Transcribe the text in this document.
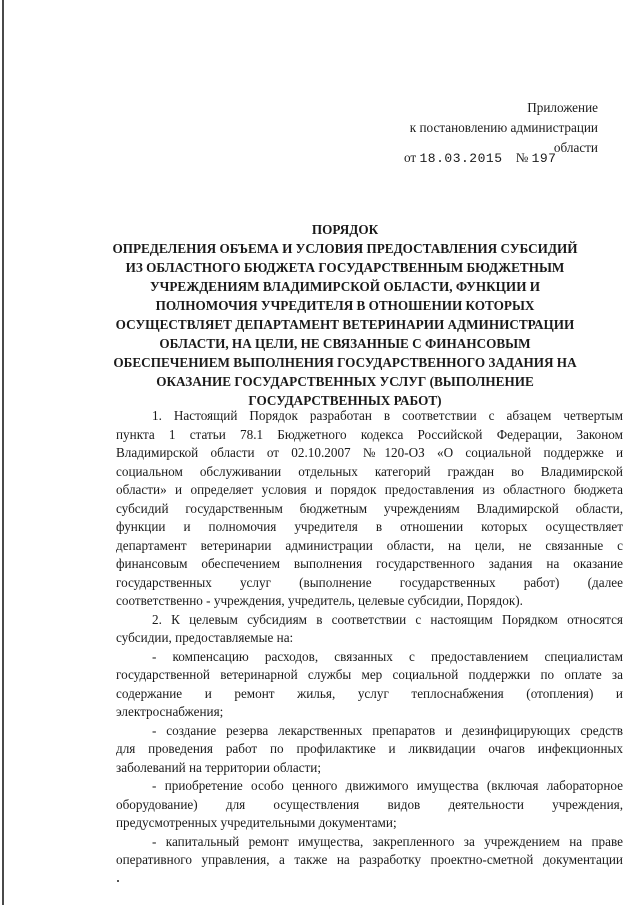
Приложение
к постановлению администрации
области
от 18.03.2015 № 197
ПОРЯДОК
ОПРЕДЕЛЕНИЯ ОБЪЕМА И УСЛОВИЯ ПРЕДОСТАВЛЕНИЯ СУБСИДИЙ
ИЗ ОБЛАСТНОГО БЮДЖЕТА ГОСУДАРСТВЕННЫМ БЮДЖЕТНЫМ
УЧРЕЖДЕНИЯМ ВЛАДИМИРСКОЙ ОБЛАСТИ, ФУНКЦИИ И
ПОЛНОМОЧИЯ УЧРЕДИТЕЛЯ В ОТНОШЕНИИ КОТОРЫХ
ОСУЩЕСТВЛЯЕТ ДЕПАРТАМЕНТ ВЕТЕРИНАРИИ АДМИНИСТРАЦИИ
ОБЛАСТИ, НА ЦЕЛИ, НЕ СВЯЗАННЫЕ С ФИНАНСОВЫМ
ОБЕСПЕЧЕНИЕМ ВЫПОЛНЕНИЯ ГОСУДАРСТВЕННОГО ЗАДАНИЯ НА
ОКАЗАНИЕ ГОСУДАРСТВЕННЫХ УСЛУГ (ВЫПОЛНЕНИЕ
ГОСУДАРСТВЕННЫХ РАБОТ)
1. Настоящий Порядок разработан в соответствии с абзацем четвертым
пункта 1 статьи 78.1 Бюджетного кодекса Российской Федерации, Законом
Владимирской области от 02.10.2007 №120-ОЗ «О социальной поддержке и
социальном обслуживании отдельных категорий граждан во Владимирской
области» и определяет условия и порядок предоставления из областного бюджета
субсидий государственным бюджетным учреждениям Владимирской области,
функции и полномочия учредителя в отношении которых осуществляет
департамент ветеринарии администрации области, на цели, не связанные с
финансовым обеспечением выполнения государственного задания на оказание
государственных услуг (выполнение государственных работ) (далее
соответственно - учреждения, учредитель, целевые субсидии, Порядок).
2. К целевым субсидиям в соответствии с настоящим Порядком относятся
субсидии, предоставляемые на:
- компенсацию расходов, связанных с предоставлением специалистам
государственной ветеринарной службы мер социальной поддержки по оплате за
содержание и ремонт жилья, услуг теплоснабжения (отопления) и
электроснабжения;
- создание резерва лекарственных препаратов и дезинфицирующих средств
для проведения работ по профилактике и ликвидации очагов инфекционных
заболеваний на территории области;
- приобретение особо ценного движимого имущества (включая лабораторное
оборудование) для осуществления видов деятельности учреждения,
предусмотренных учредительными документами;
- капитальный ремонт имущества, закрепленного за учреждением на праве
оперативного управления, а также на разработку проектно-сметной документации
